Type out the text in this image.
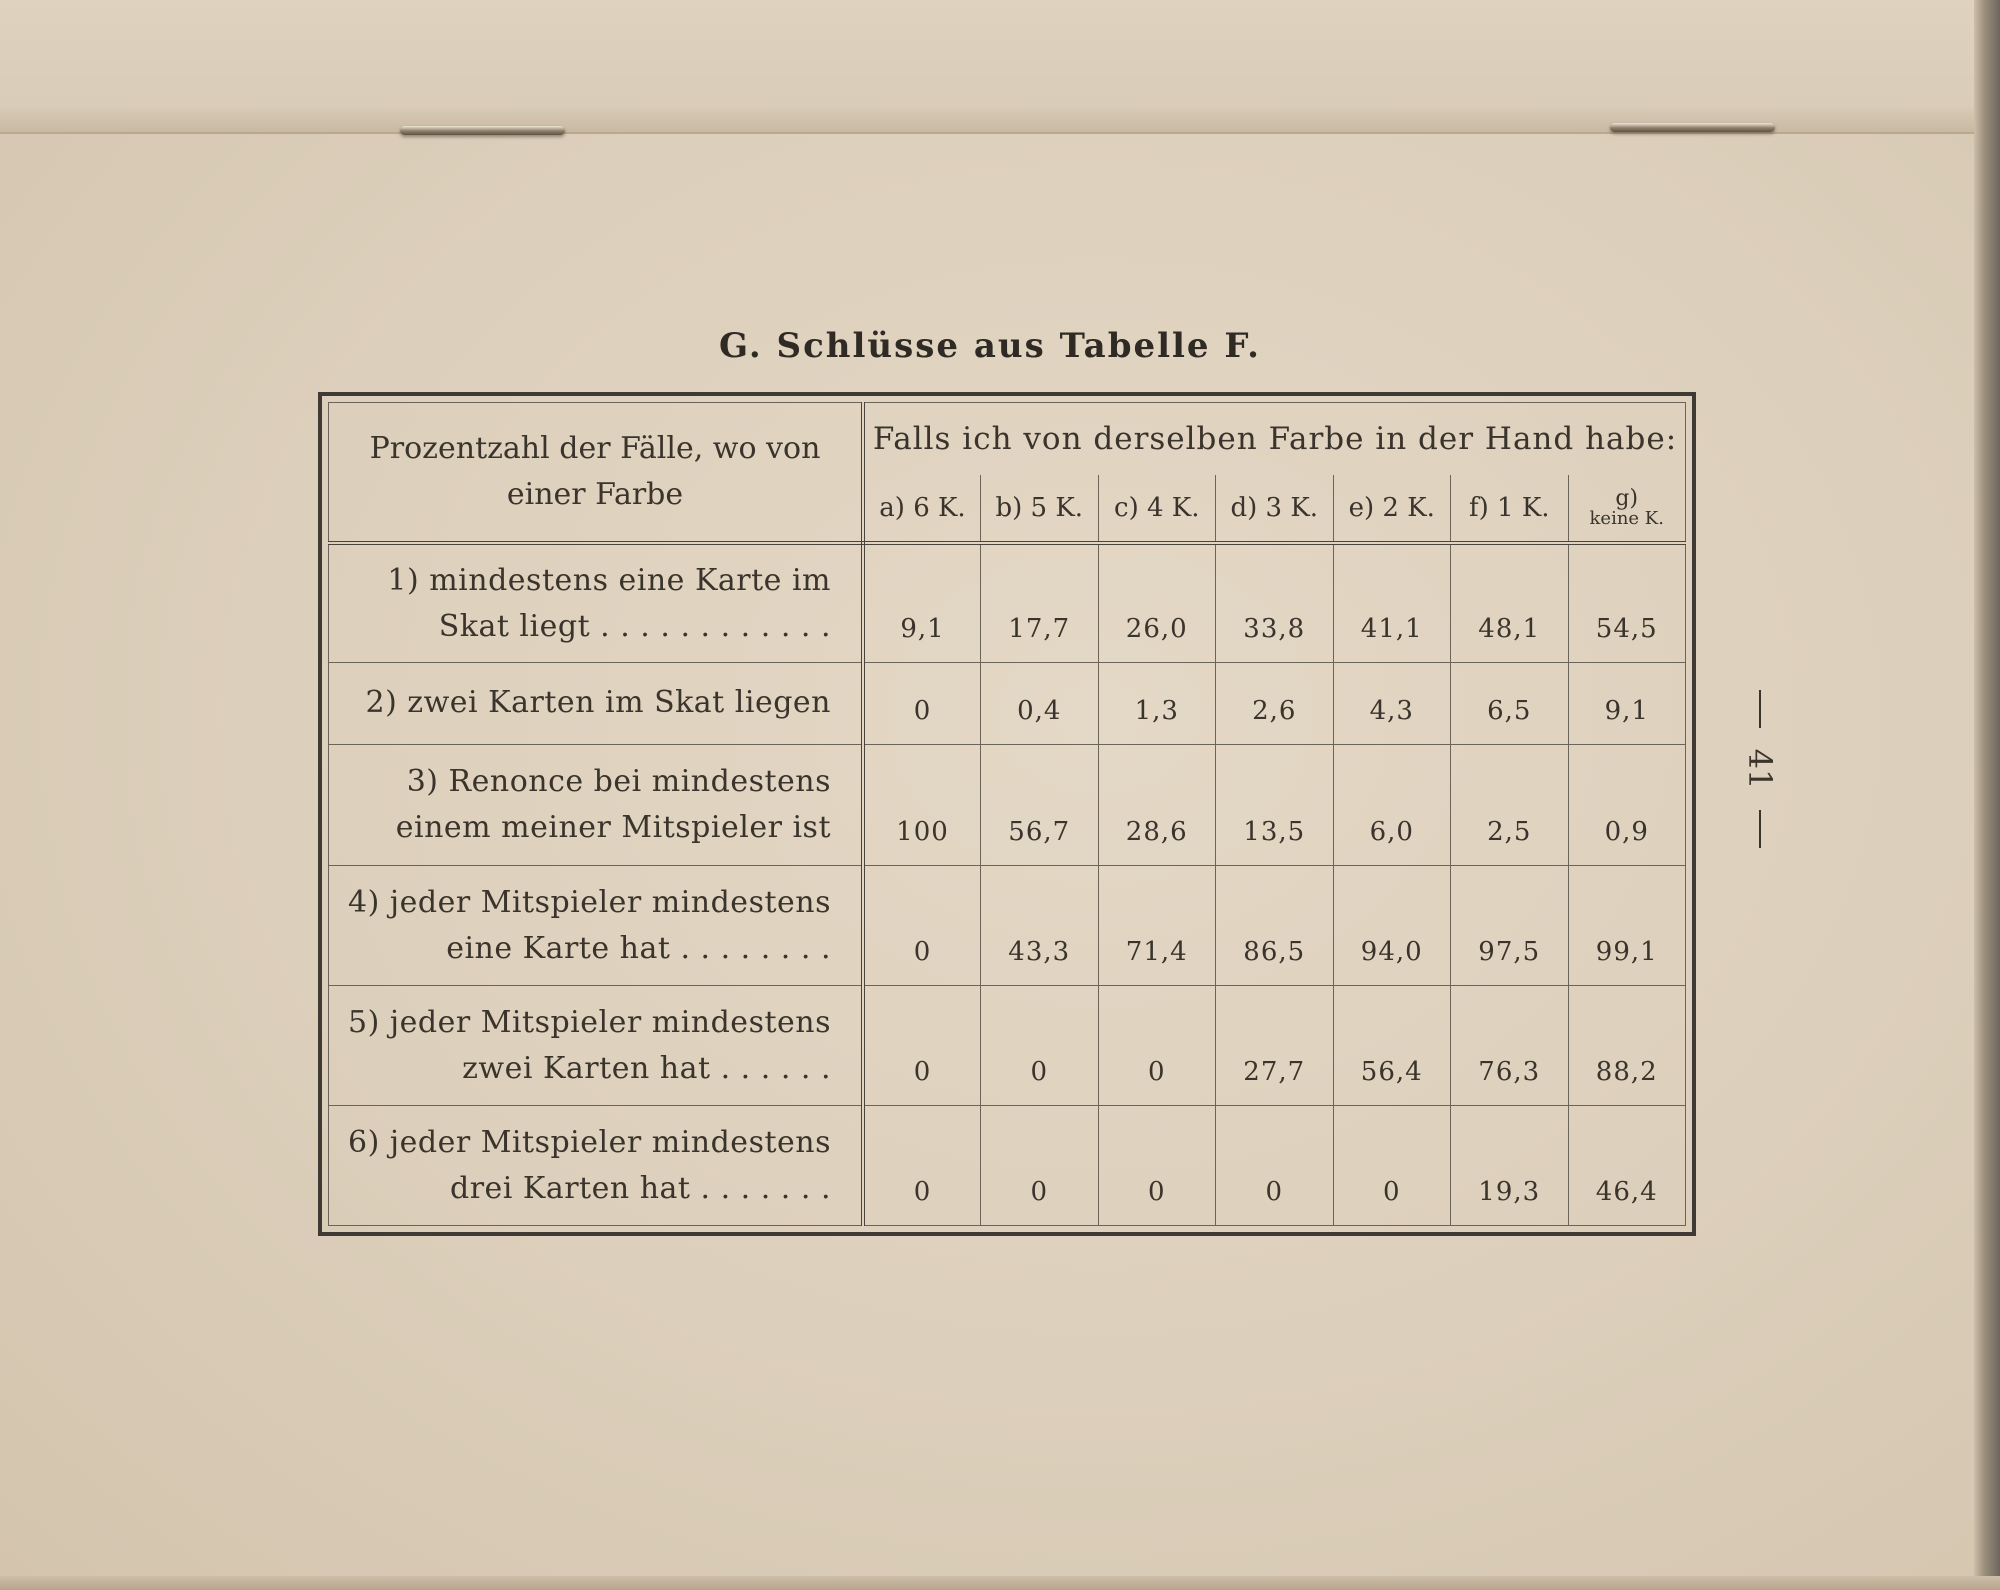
G. Schlüsse aus Tabelle F.
Prozentzahl der Fälle, wo von einer Farbe	Falls ich von derselben Farbe in der Hand habe:						
	a) 6 K.	b) 5 K.	c) 4 K.	d) 3 K.	e) 2 K.	f) 1 K.	g)
keine K.

1) mindestens eine Karte im
Skat liegt . . . . . . . . . . . .	9,1	17,7	26,0	33,8	41,1	48,1	54,5

2) zwei Karten im Skat liegen	0	0,4	1,3	2,6	4,3	6,5	9,1

3) Renonce bei mindestens
einem meiner Mitspieler ist	100	56,7	28,6	13,5	6,0	2,5	0,9

4) jeder Mitspieler mindestens
eine Karte hat . . . . . . . .	0	43,3	71,4	86,5	94,0	97,5	99,1

5) jeder Mitspieler mindestens
zwei Karten hat . . . . . .	0	0	0	27,7	56,4	76,3	88,2

6) jeder Mitspieler mindestens
drei Karten hat . . . . . . .	0	0	0	0	0	19,3	46,4
41
